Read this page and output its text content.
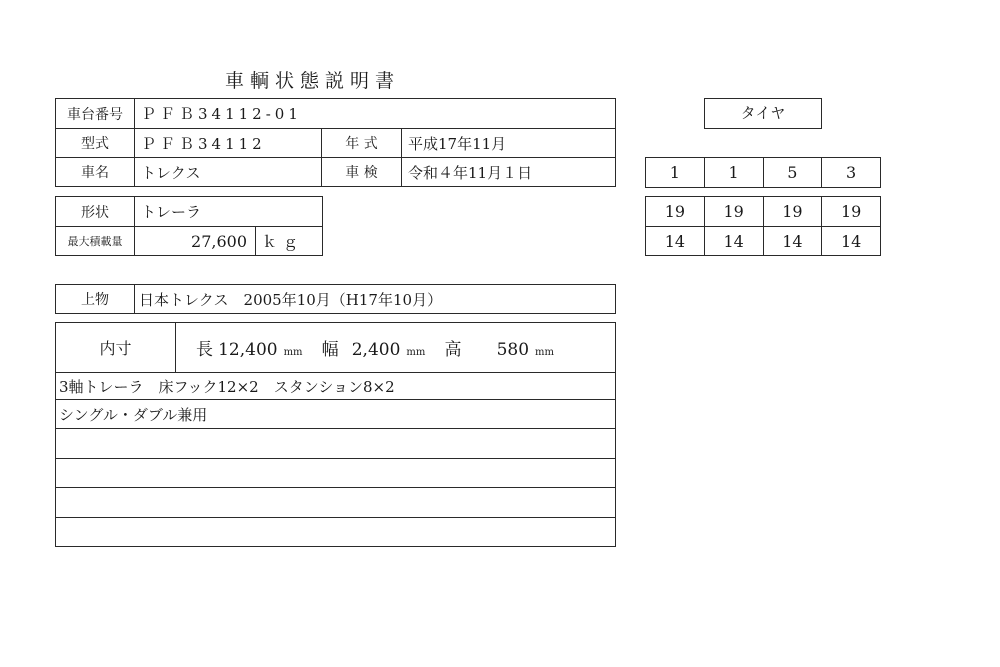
車輌状態説明書
車台番号	ＰＦＢ34112-01		
型式	ＰＦＢ34112	年 式	平成17年11月
車名	トレクス	車 検	令和４年11月１日
形状	トレーラ	
最大積載量	27,600	ｋｇ
タイヤ
1	1	5	3
19	19	19	19
14	14	14	14
上物	日本トレクス　2005年10月（H17年10月）
内寸	長 12,400 mm 幅 2,400 mm 高 580 mm
3軸トレーラ　床フック12×2　スタンション8×2
シングル・ダブル兼用
